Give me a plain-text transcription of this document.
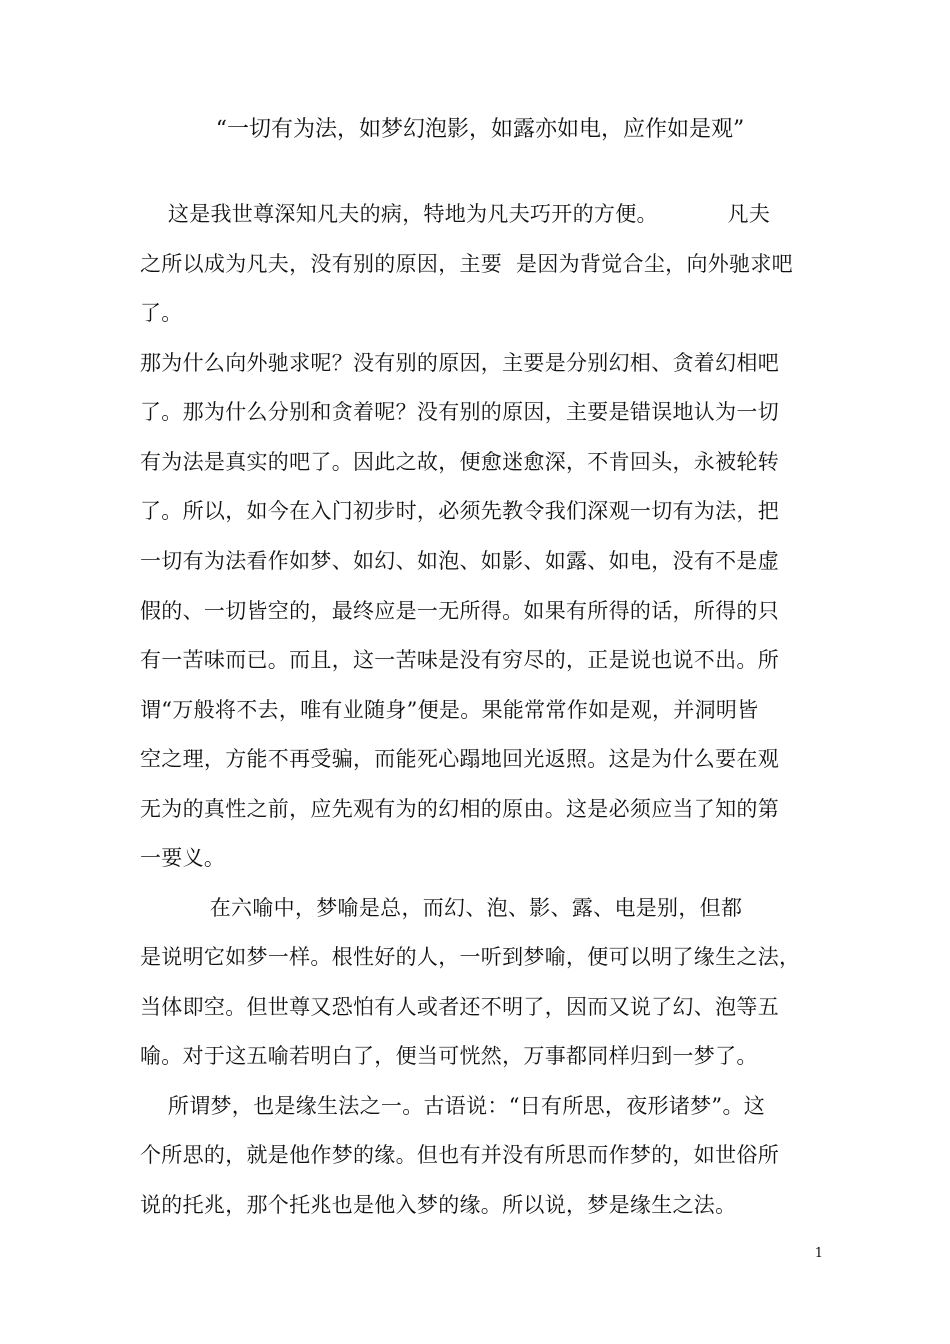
“一切有为法，如梦幻泡影，如露亦如电，应作如是观”
这是我世尊深知凡夫的病，特地为凡夫巧开的方便。          凡夫
之所以成为凡夫，没有别的原因，主要  是因为背觉合尘，向外驰求吧
了。
那为什么向外驰求呢？没有别的原因，主要是分别幻相、贪着幻相吧
了。那为什么分别和贪着呢？没有别的原因，主要是错误地认为一切
有为法是真实的吧了。因此之故，便愈迷愈深，不肯回头，永被轮转
了。所以，如今在入门初步时，必须先教令我们深观一切有为法，把
一切有为法看作如梦、如幻、如泡、如影、如露、如电，没有不是虚
假的、一切皆空的，最终应是一无所得。如果有所得的话，所得的只
有一苦味而已。而且，这一苦味是没有穷尽的，正是说也说不出。所
谓“万般将不去，唯有业随身”便是。果能常常作如是观，并洞明皆
空之理，方能不再受骗，而能死心蹋地回光返照。这是为什么要在观
无为的真性之前，应先观有为的幻相的原由。这是必须应当了知的第
一要义。
在六喻中，梦喻是总，而幻、泡、影、露、电是别，但都
是说明它如梦一样。根性好的人，一听到梦喻，便可以明了缘生之法，
当体即空。但世尊又恐怕有人或者还不明了，因而又说了幻、泡等五
喻。对于这五喻若明白了，便当可恍然，万事都同样归到一梦了。
所谓梦，也是缘生法之一。古语说：“日有所思，夜形诸梦”。这
个所思的，就是他作梦的缘。但也有并没有所思而作梦的，如世俗所
说的托兆，那个托兆也是他入梦的缘。所以说，梦是缘生之法。
1
